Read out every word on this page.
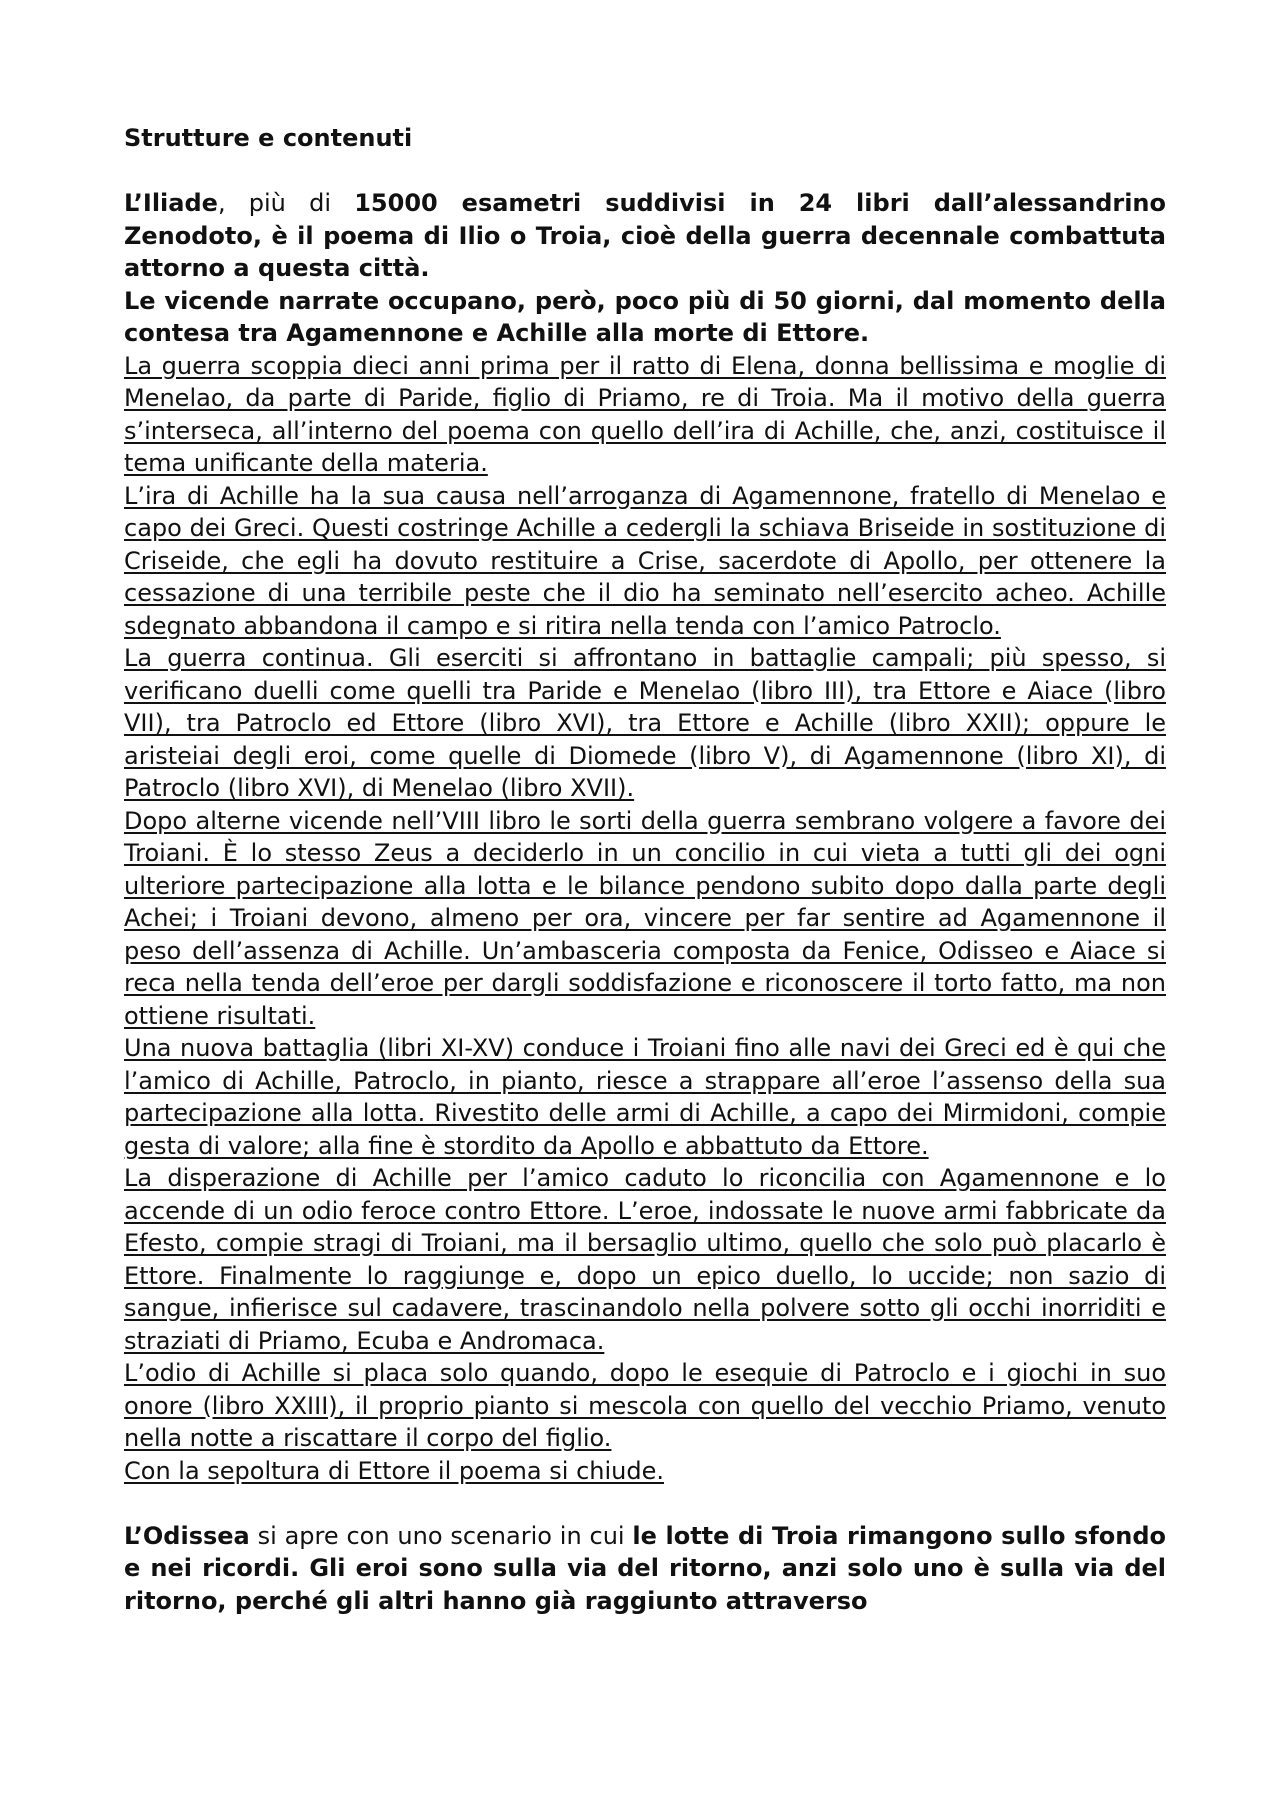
Strutture e contenuti

L’Iliade, più di 15000 esametri suddivisi in 24 libri dall’alessandrino Zenodoto, è il poema di Ilio o Troia, cioè della guerra decennale combattuta attorno a questa città.

Le vicende narrate occupano, però, poco più di 50 giorni, dal momento della contesa tra Agamennone e Achille alla morte di Ettore.

La guerra scoppia dieci anni prima per il ratto di Elena, donna bellissima e moglie di Menelao, da parte di Paride, figlio di Priamo, re di Troia. Ma il motivo della guerra s’interseca, all’interno del poema con quello dell’ira di Achille, che, anzi, costituisce il tema unificante della materia.

L’ira di Achille ha la sua causa nell’arroganza di Agamennone, fratello di Menelao e capo dei Greci. Questi costringe Achille a cedergli la schiava Briseide in sostituzione di Criseide, che egli ha dovuto restituire a Crise, sacerdote di Apollo, per ottenere la cessazione di una terribile peste che il dio ha seminato nell’esercito acheo. Achille sdegnato abbandona il campo e si ritira nella tenda con l’amico Patroclo.

La guerra continua. Gli eserciti si affrontano in battaglie campali; più spesso, si verificano duelli come quelli tra Paride e Menelao (libro III), tra Ettore e Aiace (libro VII), tra Patroclo ed Ettore (libro XVI), tra Ettore e Achille (libro XXII); oppure le aristeiai degli eroi, come quelle di Diomede (libro V), di Agamennone (libro XI), di Patroclo (libro XVI), di Menelao (libro XVII).

Dopo alterne vicende nell’VIII libro le sorti della guerra sembrano volgere a favore dei Troiani. È lo stesso Zeus a deciderlo in un concilio in cui vieta a tutti gli dei ogni ulteriore partecipazione alla lotta e le bilance pendono subito dopo dalla parte degli Achei; i Troiani devono, almeno per ora, vincere per far sentire ad Agamennone il peso dell’assenza di Achille. Un’ambasceria composta da Fenice, Odisseo e Aiace si reca nella tenda dell’eroe per dargli soddisfazione e riconoscere il torto fatto, ma non ottiene risultati.

Una nuova battaglia (libri XI-XV) conduce i Troiani fino alle navi dei Greci ed è qui che l’amico di Achille, Patroclo, in pianto, riesce a strappare all’eroe l’assenso della sua partecipazione alla lotta. Rivestito delle armi di Achille, a capo dei Mirmidoni, compie gesta di valore; alla fine è stordito da Apollo e abbattuto da Ettore.

La disperazione di Achille per l’amico caduto lo riconcilia con Agamennone e lo accende di un odio feroce contro Ettore. L’eroe, indossate le nuove armi fabbricate da Efesto, compie stragi di Troiani, ma il bersaglio ultimo, quello che solo può placarlo è Ettore. Finalmente lo raggiunge e, dopo un epico duello, lo uccide; non sazio di sangue, infierisce sul cadavere, trascinandolo nella polvere sotto gli occhi inorriditi e straziati di Priamo, Ecuba e Andromaca.

L’odio di Achille si placa solo quando, dopo le esequie di Patroclo e i giochi in suo onore (libro XXIII), il proprio pianto si mescola con quello del vecchio Priamo, venuto nella notte a riscattare il corpo del figlio.

Con la sepoltura di Ettore il poema si chiude.

L’Odissea si apre con uno scenario in cui le lotte di Troia rimangono sullo sfondo e nei ricordi. Gli eroi sono sulla via del ritorno, anzi solo uno è sulla via del ritorno, perché gli altri hanno già raggiunto attraverso
